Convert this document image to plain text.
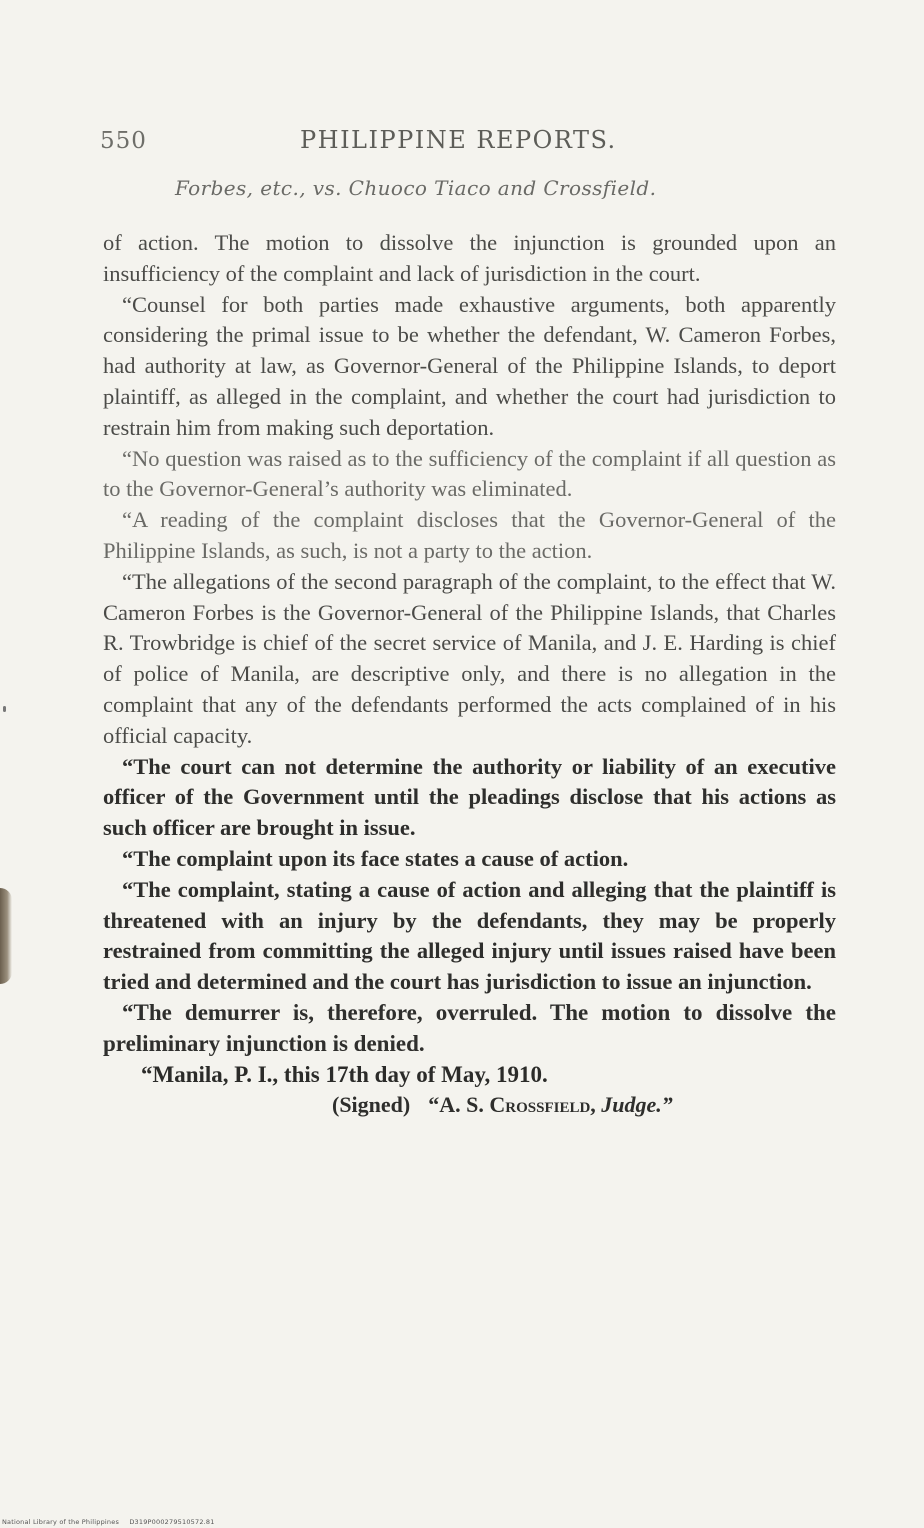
550	PHILIPPINE REPORTS.
Forbes, etc., vs. Chuoco Tiaco and Crossfield.

of action. The motion to dissolve the injunction is grounded upon an insufficiency of the complaint and lack of jurisdiction in the court.

“Counsel for both parties made exhaustive arguments, both apparently considering the primal issue to be whether the defendant, W. Cameron Forbes, had authority at law, as Governor-General of the Philippine Islands, to deport plaintiff, as alleged in the complaint, and whether the court had jurisdiction to restrain him from making such deportation.

“No question was raised as to the sufficiency of the complaint if all question as to the Governor-General’s authority was eliminated.

“A reading of the complaint discloses that the Governor-General of the Philippine Islands, as such, is not a party to the action.

“The allegations of the second paragraph of the complaint, to the effect that W. Cameron Forbes is the Governor-General of the Philippine Islands, that Charles R. Trowbridge is chief of the secret service of Manila, and J. E. Harding is chief of police of Manila, are descriptive only, and there is no allegation in the complaint that any of the defendants performed the acts complained of in his official capacity.

“The court can not determine the authority or liability of an executive officer of the Government until the pleadings disclose that his actions as such officer are brought in issue.

“The complaint upon its face states a cause of action.

“The complaint, stating a cause of action and alleging that the plaintiff is threatened with an injury by the defendants, they may be properly restrained from committing the alleged injury until issues raised have been tried and determined and the court has jurisdiction to issue an injunction.

“The demurrer is, therefore, overruled. The motion to dissolve the preliminary injunction is denied.

“Manila, P. I., this 17th day of May, 1910.

(Signed) “A. S. Crossfield, Judge.”

National Library of the Philippines D319P000279510572.81
